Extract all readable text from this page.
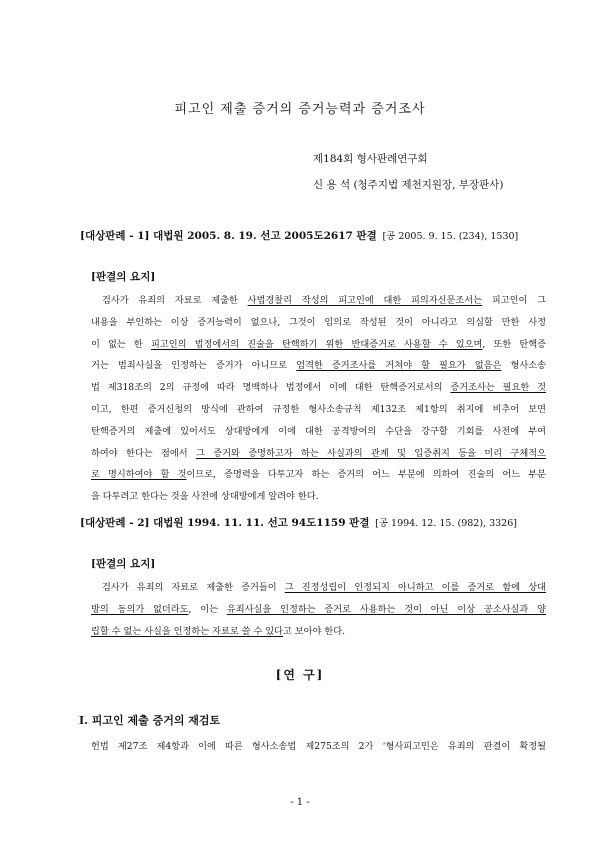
피고인 제출 증거의 증거능력과 증거조사
제184회 형사판례연구회
신 용 석 (청주지법 제천지원장, 부장판사)
[대상판례 - 1] 대법원 2005. 8. 19. 선고 2005도2617 판결 [공 2005. 9. 15. (234), 1530]
[판결의 요지]
검사가 유죄의 자료로 제출한 사법경찰리 작성의 피고인에 대한 피의자신문조서는 피고인이 그
내용을 부인하는 이상 증거능력이 없으나, 그것이 임의로 작성된 것이 아니라고 의심할 만한 사정
이 없는 한 피고인의 법정에서의 진술을 탄핵하기 위한 반대증거로 사용할 수 있으며, 또한 탄핵증
거는 범죄사실을 인정하는 증거가 아니므로 엄격한 증거조사를 거쳐야 할 필요가 없음은 형사소송
법 제318조의 2의 규정에 따라 명백하나 법정에서 이에 대한 탄핵증거로서의 증거조사는 필요한 것
이고, 한편 증거신청의 방식에 관하여 규정한 형사소송규칙 제132조 제1항의 취지에 비추어 보면
탄핵증거의 제출에 있어서도 상대방에게 이에 대한 공격방어의 수단을 강구할 기회를 사전에 부여
하여야 한다는 점에서 그 증거와 증명하고자 하는 사실과의 관계 및 입증취지 등을 미리 구체적으
로 명시하여야 할 것이므로, 증명력을 다투고자 하는 증거의 어느 부분에 의하여 진술의 어느 부분
을 다투려고 한다는 것을 사전에 상대방에게 알려야 한다.
[대상판례 - 2] 대법원 1994. 11. 11. 선고 94도1159 판결 [공 1994. 12. 15. (982), 3326]
[판결의 요지]
검사가 유죄의 자료로 제출한 증거들이 그 진정성립이 인정되지 아니하고 이를 증거로 함에 상대
방의 동의가 없더라도, 이는 유죄사실을 인정하는 증거로 사용하는 것이 아닌 이상 공소사실과 양
립할 수 없는 사실을 인정하는 자료로 쓸 수 있다고 보아야 한다.
[연 구]
I. 피고인 제출 증거의 재검토
헌법 제27조 제4항과 이에 따른 형사소송법 제275조의 2가 ‘형사피고인은 유죄의 판결이 확정될
- 1 -
